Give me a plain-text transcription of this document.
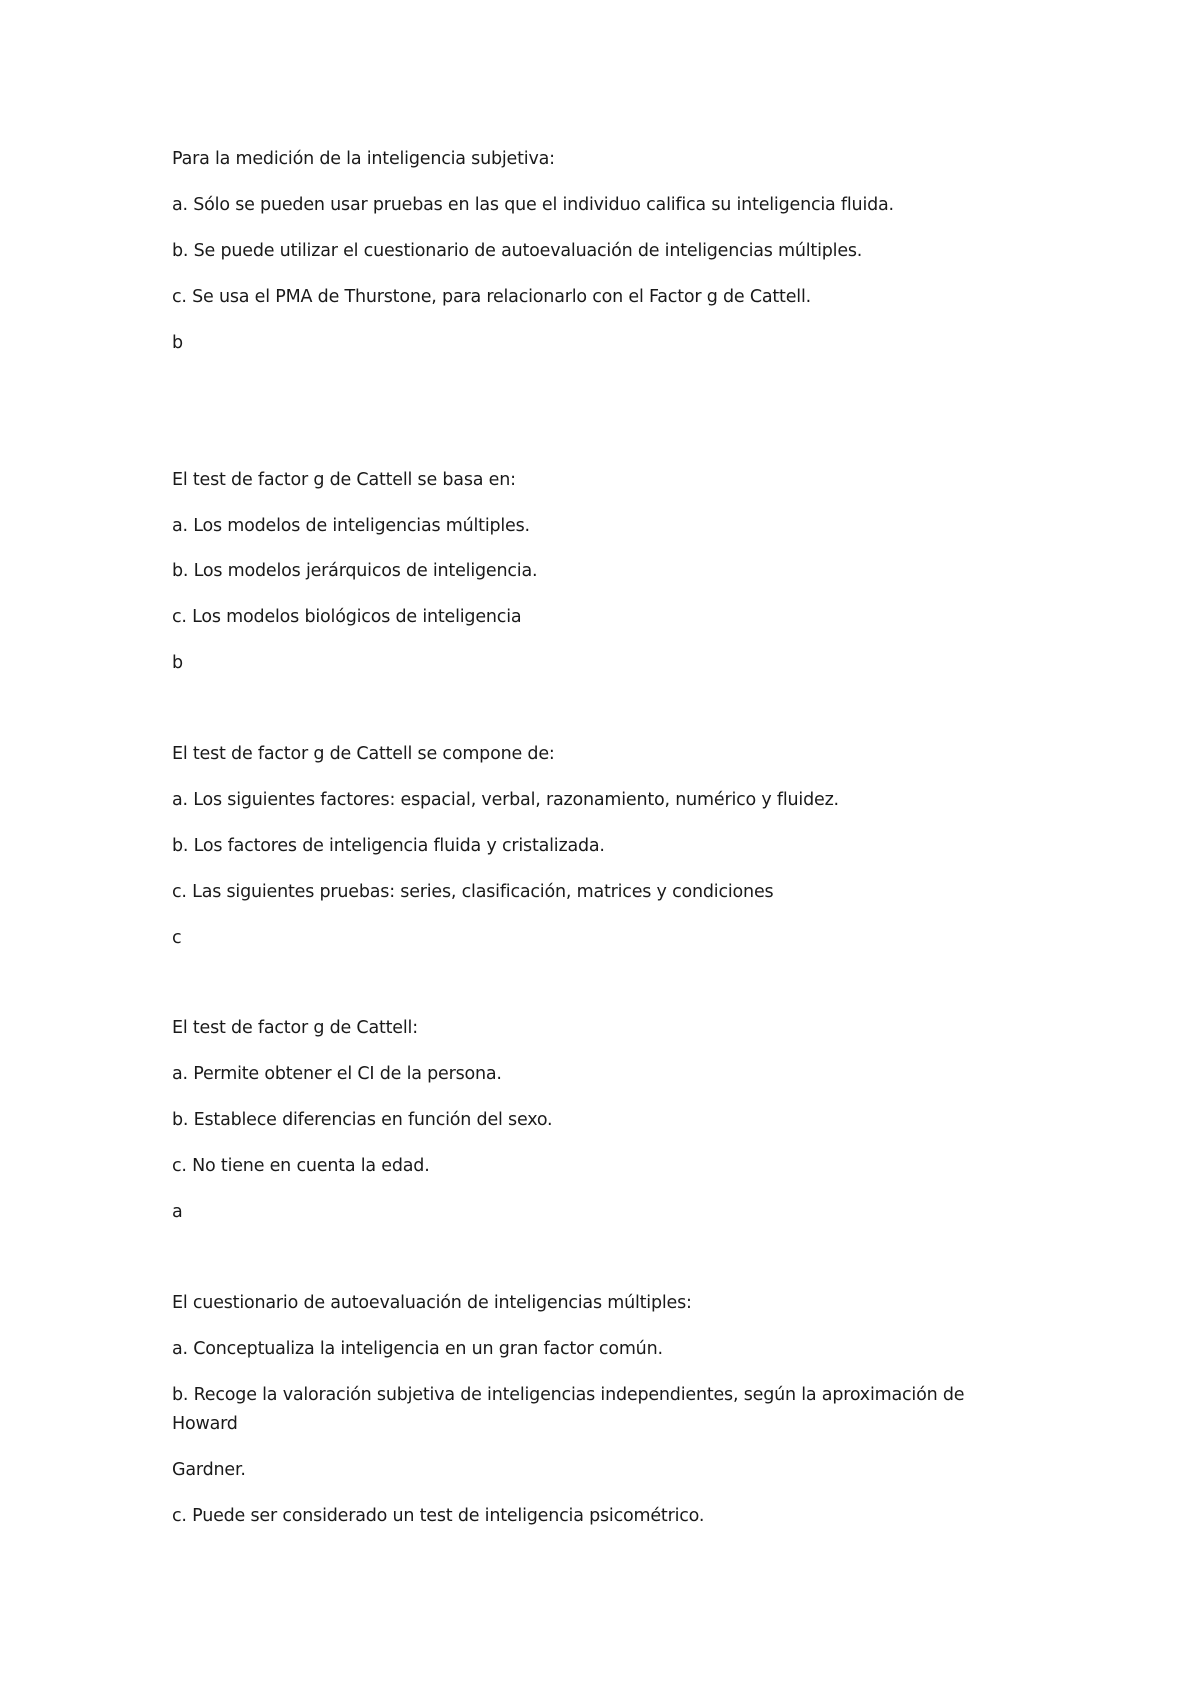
Para la medición de la inteligencia subjetiva:
a. Sólo se pueden usar pruebas en las que el individuo califica su inteligencia fluida.
b. Se puede utilizar el cuestionario de autoevaluación de inteligencias múltiples.
c. Se usa el PMA de Thurstone, para relacionarlo con el Factor g de Cattell.
b
El test de factor g de Cattell se basa en:
a. Los modelos de inteligencias múltiples.
b. Los modelos jerárquicos de inteligencia.
c. Los modelos biológicos de inteligencia
b
El test de factor g de Cattell se compone de:
a. Los siguientes factores: espacial, verbal, razonamiento, numérico y fluidez.
b. Los factores de inteligencia fluida y cristalizada.
c. Las siguientes pruebas: series, clasificación, matrices y condiciones
c
El test de factor g de Cattell:
a. Permite obtener el CI de la persona.
b. Establece diferencias en función del sexo.
c. No tiene en cuenta la edad.
a
El cuestionario de autoevaluación de inteligencias múltiples:
a. Conceptualiza la inteligencia en un gran factor común.
b. Recoge la valoración subjetiva de inteligencias independientes, según la aproximación de
Howard
Gardner.
c. Puede ser considerado un test de inteligencia psicométrico.
